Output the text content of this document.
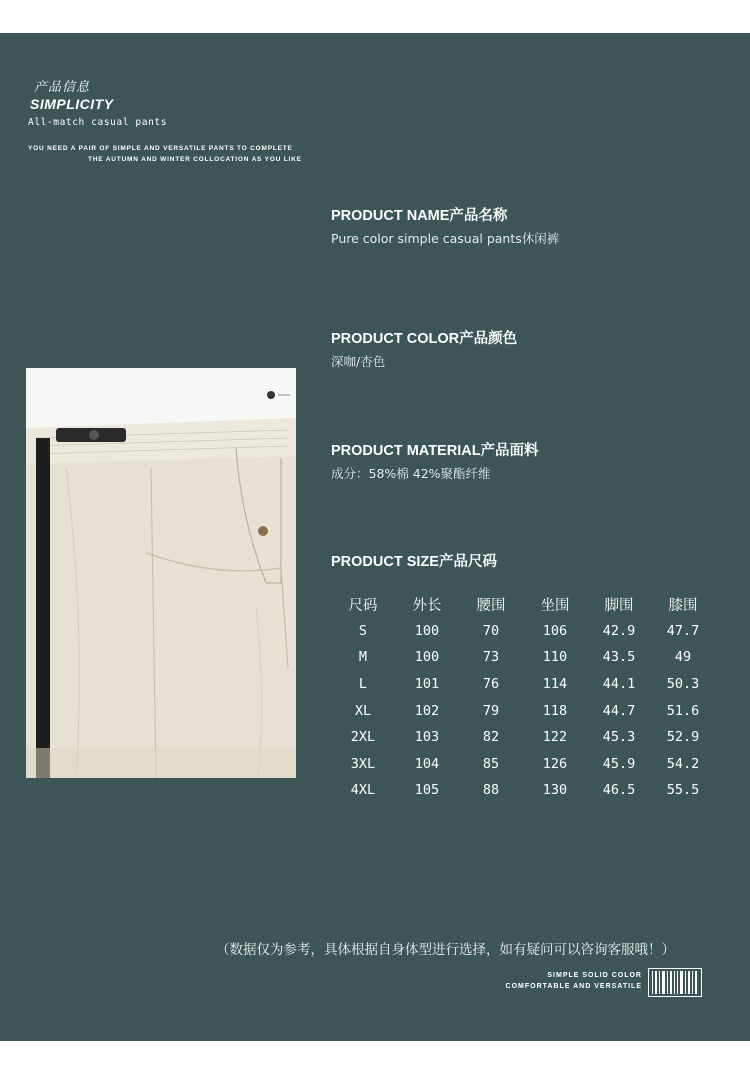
产品信息
SIMPLICITY
All-match casual pants
YOU NEED A PAIR OF SIMPLE AND VERSATILE PANTS TO COMPLETE
THE AUTUMN AND WINTER COLLOCATION AS YOU LIKE
PRODUCT NAME产品名称
Pure color simple casual pants休闲裤
PRODUCT COLOR产品颜色
深咖/杏色
PRODUCT MATERIAL产品面料
成分：58%棉 42%聚酯纤维
PRODUCT SIZE产品尺码
尺码	外长	腰围	坐围	脚围	膝围
S	100	70	106	42.9	47.7
M	100	73	110	43.5	49
L	101	76	114	44.1	50.3
XL	102	79	118	44.7	51.6
2XL	103	82	122	45.3	52.9
3XL	104	85	126	45.9	54.2
4XL	105	88	130	46.5	55.5
（数据仅为参考，具体根据自身体型进行选择，如有疑问可以咨询客服哦！）
SIMPLE SOLID COLOR
COMFORTABLE AND VERSATILE
